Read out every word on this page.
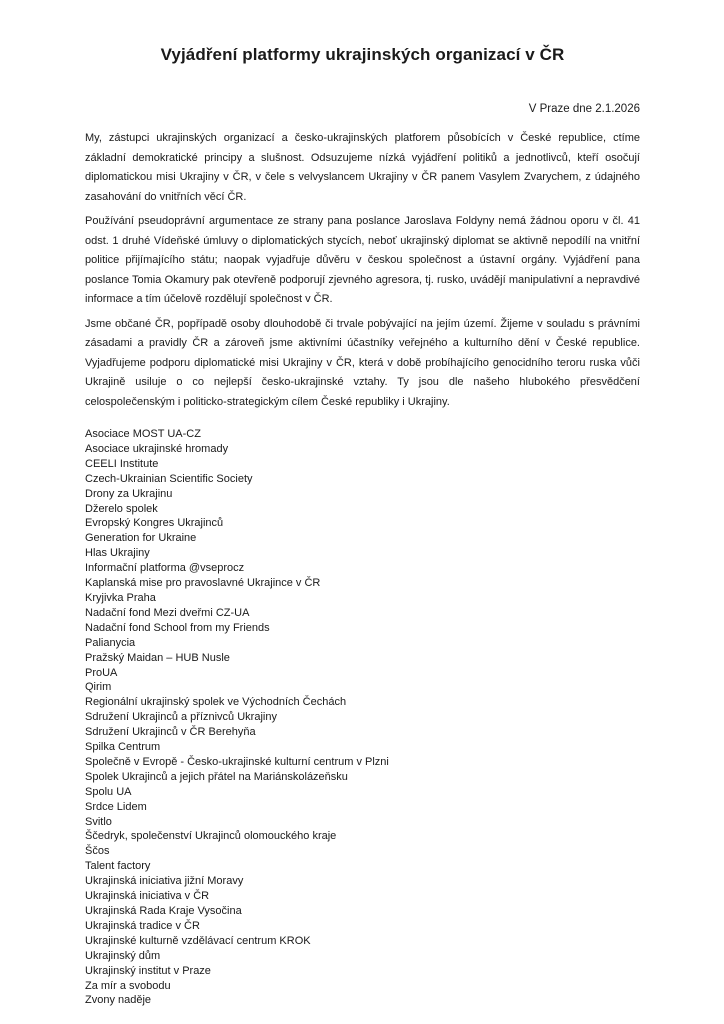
Vyjádření platformy ukrajinských organizací v ČR
V Praze dne 2.1.2026

My, zástupci ukrajinských organizací a česko-ukrajinských platforem působících v České republice, ctíme základní demokratické principy a slušnost. Odsuzujeme nízká vyjádření politiků a jednotlivců, kteří osočují diplomatickou misi Ukrajiny v ČR, v čele s velvyslancem Ukrajiny v ČR panem Vasylem Zvarychem, z údajného zasahování do vnitřních věcí ČR.

Používání pseudoprávní argumentace ze strany pana poslance Jaroslava Foldyny nemá žádnou oporu v čl. 41 odst. 1 druhé Vídeňské úmluvy o diplomatických stycích, neboť ukrajinský diplomat se aktivně nepodílí na vnitřní politice přijímajícího státu; naopak vyjadřuje důvěru v českou společnost a ústavní orgány. Vyjádření pana poslance Tomia Okamury pak otevřeně podporují zjevného agresora, tj. rusko, uvádějí manipulativní a nepravdivé informace a tím účelově rozdělují společnost v ČR.

Jsme občané ČR, popřípadě osoby dlouhodobě či trvale pobývající na jejím území. Žijeme v souladu s právními zásadami a pravidly ČR a zároveň jsme aktivními účastníky veřejného a kulturního dění v České republice. Vyjadřujeme podporu diplomatické misi Ukrajiny v ČR, která v době probíhajícího genocidního teroru ruska vůči Ukrajině usiluje o co nejlepší česko-ukrajinské vztahy. Ty jsou dle našeho hlubokého přesvědčení celospolečenským i politicko-strategickým cílem České republiky i Ukrajiny.

Asociace MOST UA-CZ
Asociace ukrajinské hromady
CEELI Institute
Czech-Ukrainian Scientific Society
Drony za Ukrajinu
Džerelo spolek
Evropský Kongres Ukrajinců
Generation for Ukraine
Hlas Ukrajiny
Informační platforma @vseprocz
Kaplanská mise pro pravoslavné Ukrajince v ČR
Kryjivka Praha
Nadační fond Mezi dveřmi CZ-UA
Nadační fond School from my Friends
Palianycia
Pražský Maidan – HUB Nusle
ProUA
Qirim
Regionální ukrajinský spolek ve Východních Čechách
Sdružení Ukrajinců a příznivců Ukrajiny
Sdružení Ukrajinců v ČR Berehyňa
Spilka Centrum
Společně v Evropě - Česko-ukrajinské kulturní centrum v Plzni
Spolek Ukrajinců a jejich přátel na Mariánskolázeňsku
Spolu UA
Srdce Lidem
Svitlo
Ščedryk, společenství Ukrajinců olomouckého kraje
Ščos
Talent factory
Ukrajinská iniciativa jižní Moravy
Ukrajinská iniciativa v ČR
Ukrajinská Rada Kraje Vysočina
Ukrajinská tradice v ČR
Ukrajinské kulturně vzdělávací centrum KROK
Ukrajinský dům
Ukrajinský institut v Praze
Za mír a svobodu
Zvony naděje
